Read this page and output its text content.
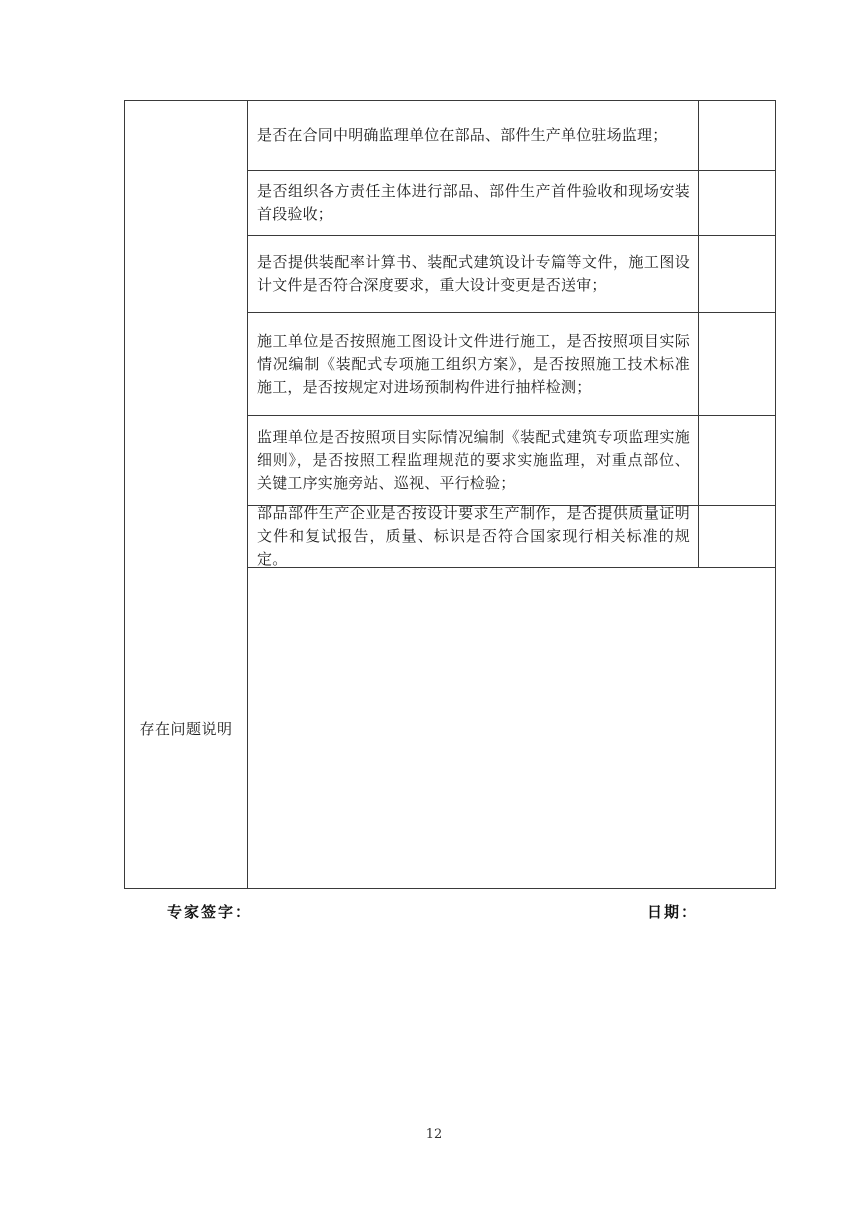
是否在合同中明确监理单位在部品、部件生产单位驻场监理；
是否组织各方责任主体进行部品、部件生产首件验收和现场安装首段验收；
是否提供装配率计算书、装配式建筑设计专篇等文件，施工图设计文件是否符合深度要求，重大设计变更是否送审；
施工单位是否按照施工图设计文件进行施工，是否按照项目实际情况编制《装配式专项施工组织方案》，是否按照施工技术标准施工，是否按规定对进场预制构件进行抽样检测；
监理单位是否按照项目实际情况编制《装配式建筑专项监理实施细则》，是否按照工程监理规范的要求实施监理，对重点部位、关键工序实施旁站、巡视、平行检验；
部品部件生产企业是否按设计要求生产制作，是否提供质量证明文件和复试报告，质量、标识是否符合国家现行相关标准的规定。
存在问题说明
专家签字：	日期：
12
